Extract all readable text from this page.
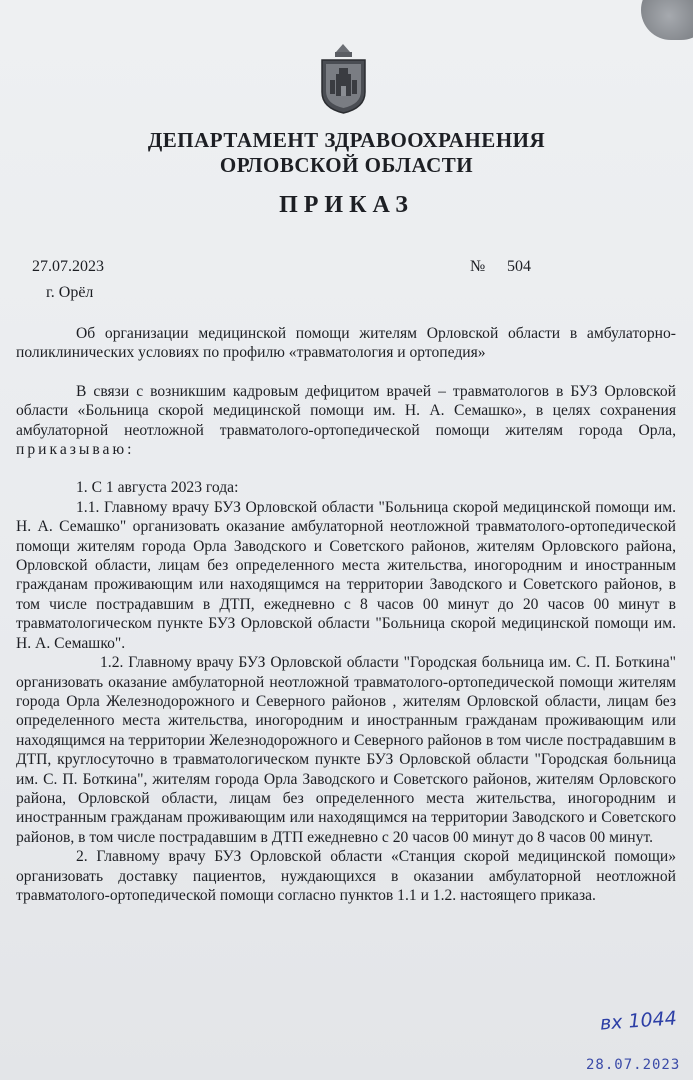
ДЕПАРТАМЕНТ ЗДРАВООХРАНЕНИЯ
ОРЛОВСКОЙ ОБЛАСТИ
ПРИКАЗ
27.07.2023	№ 504
г. Орёл

Об организации медицинской помощи жителям Орловской области в амбулаторно-поликлинических условиях по профилю «травматология и ортопедия»

В связи с возникшим кадровым дефицитом врачей – травматологов в БУЗ Орловской области «Больница скорой медицинской помощи им. Н. А. Семашко», в целях сохранения амбулаторной неотложной травматолого-ортопедической помощи жителям города Орла, приказываю:

1. С 1 августа 2023 года:

1.1. Главному врачу БУЗ Орловской области "Больница скорой медицинской помощи им. Н. А. Семашко" организовать оказание амбулаторной неотложной травматолого-ортопедической помощи жителям города Орла Заводского и Советского районов, жителям Орловского района, Орловской области, лицам без определенного места жительства, иногородним и иностранным гражданам проживающим или находящимся на территории Заводского и Советского районов, в том числе пострадавшим в ДТП, ежедневно с 8 часов 00 минут до 20 часов 00 минут в травматологическом пункте БУЗ Орловской области "Больница скорой медицинской помощи им. Н. А. Семашко".

1.2. Главному врачу БУЗ Орловской области "Городская больница им. С. П. Боткина" организовать оказание амбулаторной неотложной травматолого-ортопедической помощи жителям города Орла Железнодорожного и Северного районов , жителям Орловской области, лицам без определенного места жительства, иногородним и иностранным гражданам проживающим или находящимся на территории Железнодорожного и Северного районов в том числе пострадавшим в ДТП, круглосуточно в травматологическом пункте БУЗ Орловской области "Городская больница им. С. П. Боткина", жителям города Орла Заводского и Советского районов, жителям Орловского района, Орловской области, лицам без определенного места жительства, иногородним и иностранным гражданам проживающим или находящимся на территории Заводского и Советского районов, в том числе пострадавшим в ДТП ежедневно с 20 часов 00 минут до 8 часов 00 минут.

2. Главному врачу БУЗ Орловской области «Станция скорой медицинской помощи» организовать доставку пациентов, нуждающихся в оказании амбулаторной неотложной травматолого-ортопедической помощи согласно пунктов 1.1 и 1.2. настоящего приказа.

вх 1044
28.07.2023
